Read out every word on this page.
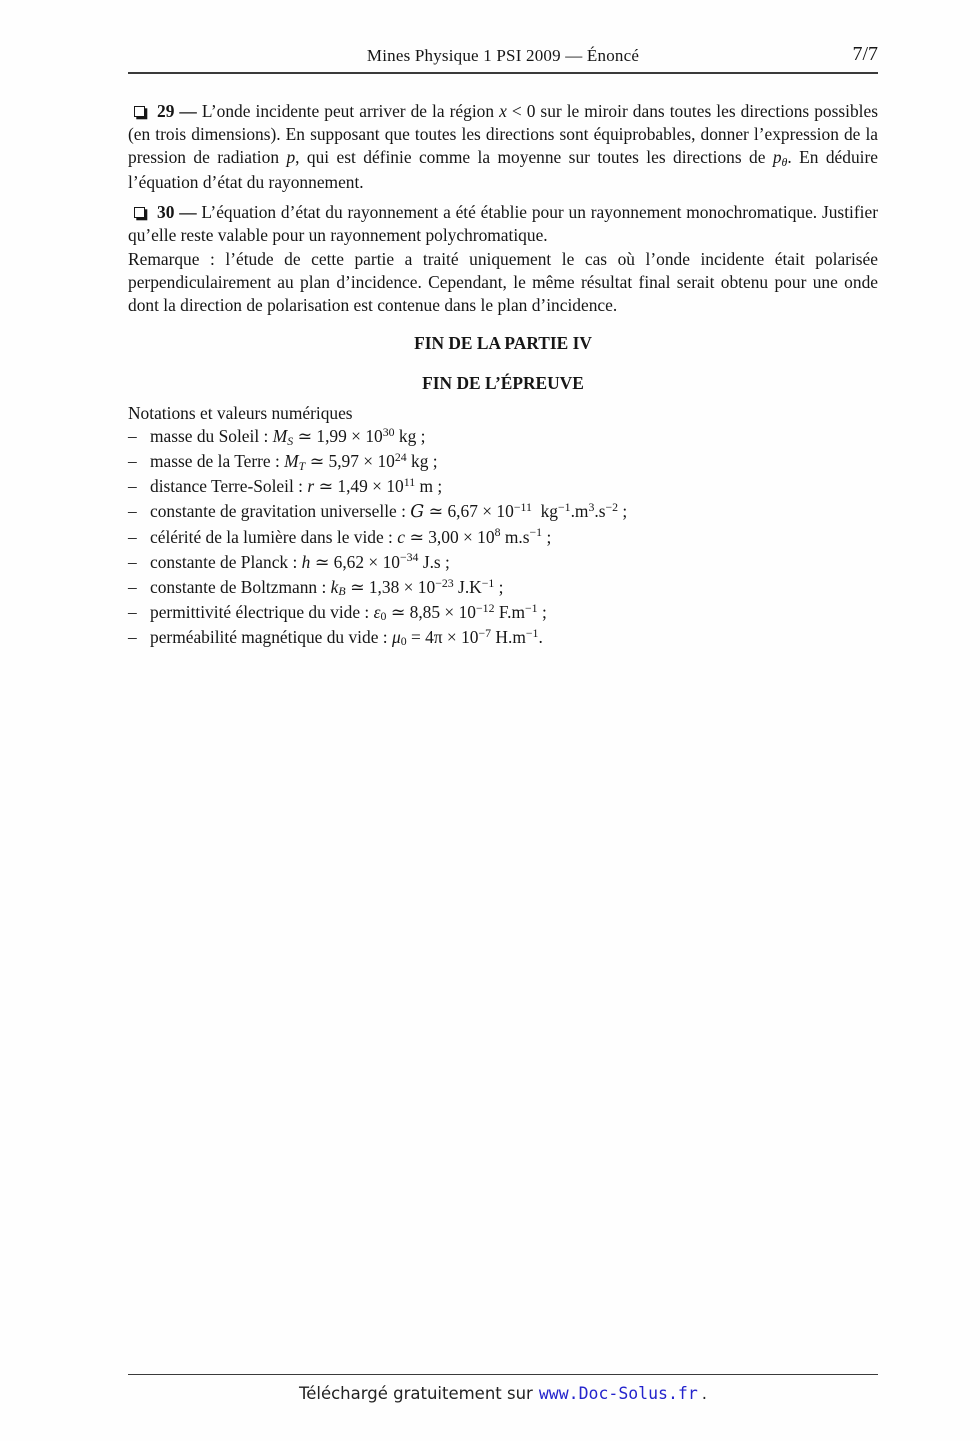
Mines Physique 1 PSI 2009 — Énoncé	7/7

29 — L’onde incidente peut arriver de la région x < 0 sur le miroir dans toutes les directions possibles (en trois dimensions). En supposant que toutes les directions sont équiprobables, donner l’expression de la pression de radiation p, qui est définie comme la moyenne sur toutes les directions de pθ. En déduire l’équation d’état du rayonnement.

30 — L’équation d’état du rayonnement a été établie pour un rayonnement monochromatique. Justifier qu’elle reste valable pour un rayonnement polychromatique.

Remarque : l’étude de cette partie a traité uniquement le cas où l’onde incidente était polarisée perpendiculairement au plan d’incidence. Cependant, le même résultat final serait obtenu pour une onde dont la direction de polarisation est contenue dans le plan d’incidence.

FIN DE LA PARTIE IV

FIN DE L’ÉPREUVE

Notations et valeurs numériques

– masse du Soleil : MS ≃ $1,99 \times 10^{30}$ kg ;
– masse de la Terre : MT ≃ $5,97 \times 10^{24}$ kg ;
– distance Terre-Soleil : r ≃ $1,49 \times 10^{11}$ m ;
– constante de gravitation universelle : G ≃ $6,67 \times 10^{-11}$  $kg^{-1}.m^3.s^{-2}$ ;
– célérité de la lumière dans le vide : c ≃ $3,00 \times 10^8$ $m.s^{-1}$ ;
– constante de Planck : h ≃ $6,62 \times 10^{-34}$ J.s ;
– constante de Boltzmann : kB ≃ $1,38 \times 10^{-23}$ $J.K^{-1}$ ;
– permittivité électrique du vide : ε0 ≃ $8,85 \times 10^{-12}$ $F.m^{-1}$ ;
– perméabilité magnétique du vide : $\mu 0 = 4\pi \times 10^{-7}$ $H.m^{-1}$.
Téléchargé gratuitement sur www.Doc-Solus.fr .
